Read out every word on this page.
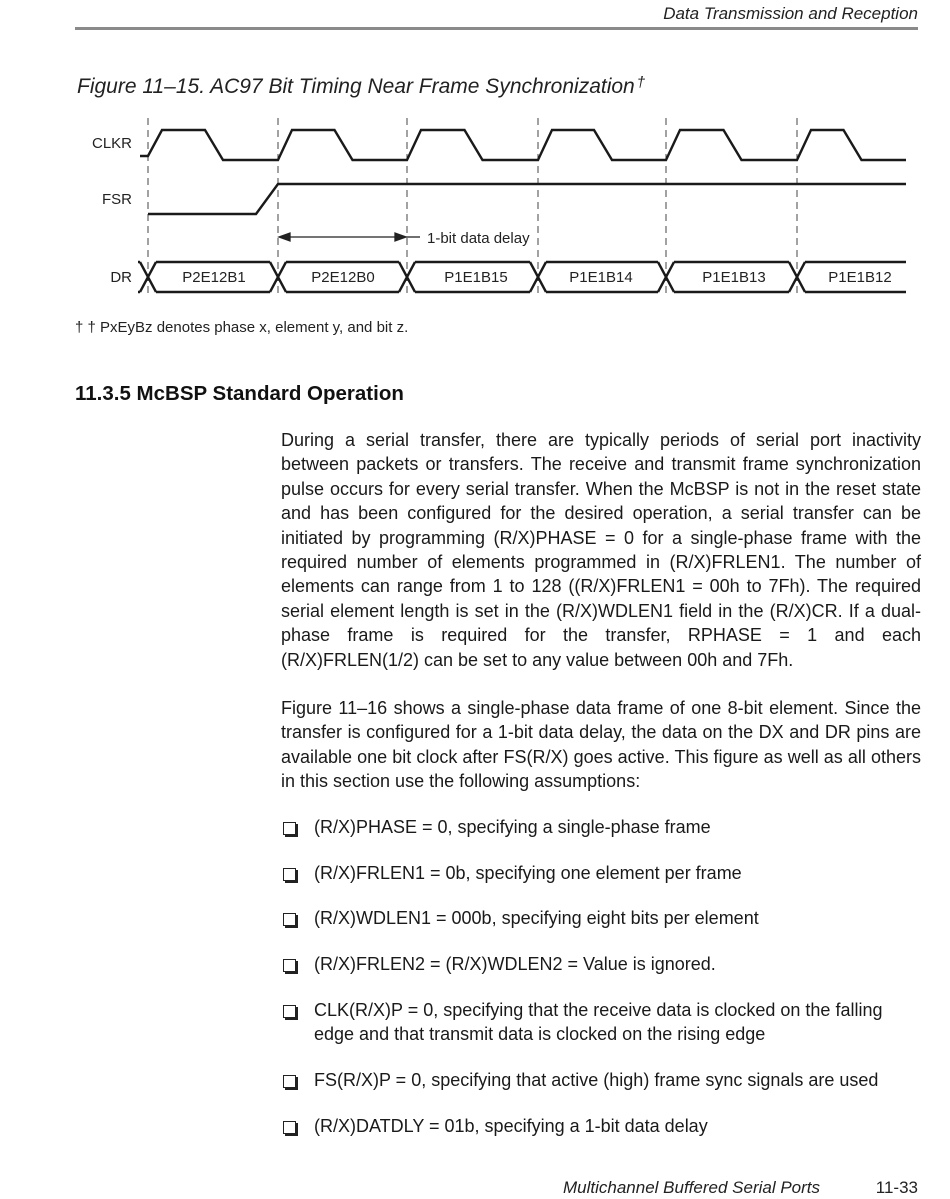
Data Transmission and Reception
Figure 11–15. AC97 Bit Timing Near Frame Synchronization †
CLKR
FSR
DR	P2E12B1	P2E12B0	P1E1B15	P1E1B14	P1E1B13	P1E1B12
1-bit data delay
† † PxEyBz denotes phase x, element y, and bit z.
11.3.5 McBSP Standard Operation
During a serial transfer, there are typically periods of serial port inactivity between packets or transfers. The receive and transmit frame synchronization pulse occurs for every serial transfer. When the McBSP is not in the reset state and has been configured for the desired operation, a serial transfer can be initiated by programming (R/X)PHASE = 0 for a single-phase frame with the required number of elements programmed in (R/X)FRLEN1. The number of elements can range from 1 to 128 ((R/X)FRLEN1 = 00h to 7Fh). The required serial element length is set in the (R/X)WDLEN1 field in the (R/X)CR. If a dual-phase frame is required for the transfer, RPHASE = 1 and each (R/X)FRLEN(1/2) can be set to any value between 00h and 7Fh.
Figure 11–16 shows a single-phase data frame of one 8-bit element. Since the transfer is configured for a 1-bit data delay, the data on the DX and DR pins are available one bit clock after FS(R/X) goes active. This figure as well as all others in this section use the following assumptions:
(R/X)PHASE = 0, specifying a single-phase frame
(R/X)FRLEN1 = 0b, specifying one element per frame
(R/X)WDLEN1 = 000b, specifying eight bits per element
(R/X)FRLEN2 = (R/X)WDLEN2 = Value is ignored.
CLK(R/X)P = 0, specifying that the receive data is clocked on the falling edge and that transmit data is clocked on the rising edge
FS(R/X)P = 0, specifying that active (high) frame sync signals are used
(R/X)DATDLY = 01b, specifying a 1-bit data delay
Multichannel Buffered Serial Ports	11-33
